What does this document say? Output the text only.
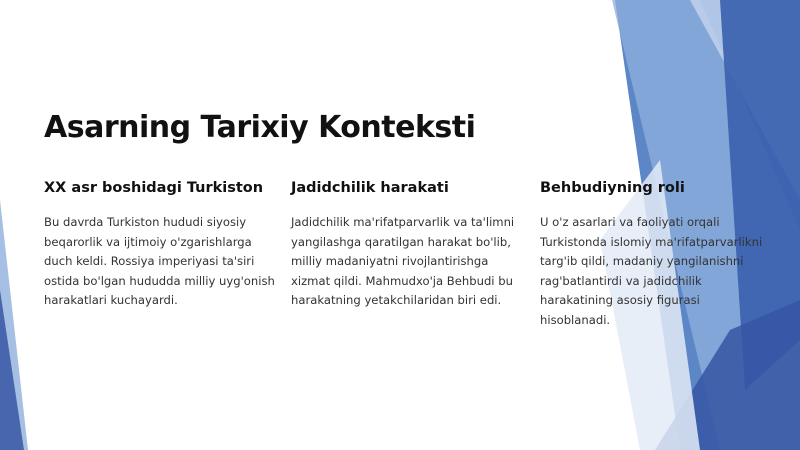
Asarning Tarixiy Konteksti
XX asr boshidagi Turkiston

Bu davrda Turkiston hududi siyosiy beqarorlik va ijtimoiy o'zgarishlarga duch keldi. Rossiya imperiyasi ta'siri ostida bo'lgan hududda milliy uyg'onish harakatlari kuchayardi.

Jadidchilik harakati

Jadidchilik ma'rifatparvarlik va ta'limni yangilashga qaratilgan harakat bo'lib, milliy madaniyatni rivojlantirishga xizmat qildi. Mahmudxo'ja Behbudi bu harakatning yetakchilaridan biri edi.

Behbudiyning roli

U o'z asarlari va faoliyati orqali Turkistonda islomiy ma'rifatparvarlikni targ'ib qildi, madaniy yangilanishni rag'batlantirdi va jadidchilik harakatining asosiy figurasi hisoblanadi.
